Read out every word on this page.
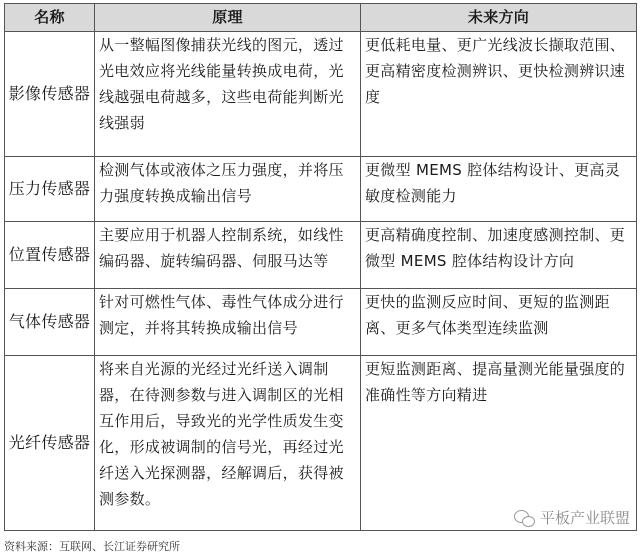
名称	原理	未来方向
影像传感器	从一整幅图像捕获光线的图元，透过光电效应将光线能量转换成电荷，光线越强电荷越多，这些电荷能判断光线强弱	更低耗电量、更广光线波长撷取范围、更高精密度检测辨识、更快检测辨识速度
压力传感器	检测气体或液体之压力强度，并将压力强度转换成输出信号	更微型 MEMS 腔体结构设计、更高灵敏度检测能力
位置传感器	主要应用于机器人控制系统，如线性编码器、旋转编码器、伺服马达等	更高精确度控制、加速度感测控制、更微型 MEMS 腔体结构设计方向
气体传感器	针对可燃性气体、毒性气体成分进行测定，并将其转换成输出信号	更快的监测反应时间、更短的监测距离、更多气体类型连续监测
光纤传感器	将来自光源的光经过光纤送入调制器，在待测参数与进入调制区的光相互作用后，导致光的光学性质发生变化，形成被调制的信号光，再经过光纤送入光探测器，经解调后，获得被测参数。	更短监测距离、提高量测光能量强度的准确性等方向精进
平板产业联盟
资料来源：互联网、长江证券研究所
